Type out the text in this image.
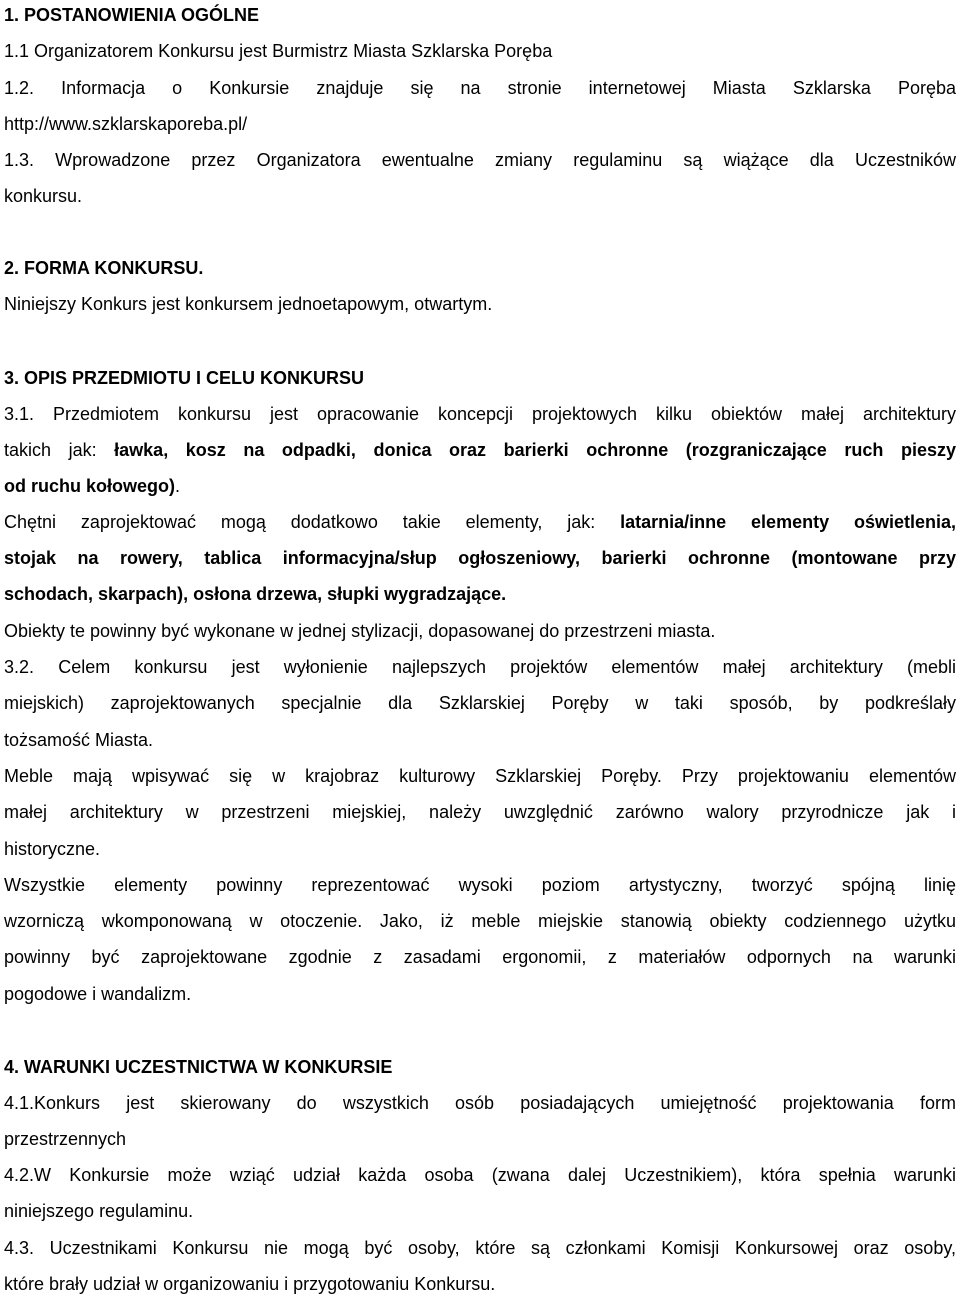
1. POSTANOWIENIA OGÓLNE
1.1 Organizatorem Konkursu jest Burmistrz Miasta Szklarska Poręba
1.2. Informacja o Konkursie znajduje się na stronie internetowej Miasta Szklarska Poręba
http://www.szklarskaporeba.pl/
1.3. Wprowadzone przez Organizatora ewentualne zmiany regulaminu są wiążące dla Uczestników
konkursu.
2. FORMA KONKURSU.
Niniejszy Konkurs jest konkursem jednoetapowym, otwartym.
3. OPIS PRZEDMIOTU I CELU KONKURSU
3.1. Przedmiotem konkursu jest opracowanie koncepcji projektowych kilku obiektów małej architektury
takich jak: ławka, kosz na odpadki, donica oraz barierki ochronne (rozgraniczające ruch pieszy
od ruchu kołowego).
Chętni zaprojektować mogą dodatkowo takie elementy, jak: latarnia/inne elementy oświetlenia,
stojak na rowery, tablica informacyjna/słup ogłoszeniowy, barierki ochronne (montowane przy
schodach, skarpach), osłona drzewa, słupki wygradzające.
Obiekty te powinny być wykonane w jednej stylizacji, dopasowanej do przestrzeni miasta.
3.2. Celem konkursu jest wyłonienie najlepszych projektów elementów małej architektury (mebli
miejskich) zaprojektowanych specjalnie dla Szklarskiej Poręby w taki sposób, by podkreślały
tożsamość Miasta.
Meble mają wpisywać się w krajobraz kulturowy Szklarskiej Poręby. Przy projektowaniu elementów
małej architektury w przestrzeni miejskiej, należy uwzględnić zarówno walory przyrodnicze jak i
historyczne.
Wszystkie elementy powinny reprezentować wysoki poziom artystyczny, tworzyć spójną linię
wzorniczą wkomponowaną w otoczenie. Jako, iż meble miejskie stanowią obiekty codziennego użytku
powinny być zaprojektowane zgodnie z zasadami ergonomii, z materiałów odpornych na warunki
pogodowe i wandalizm.
4. WARUNKI UCZESTNICTWA W KONKURSIE
4.1.Konkurs jest skierowany do wszystkich osób posiadających umiejętność projektowania form
przestrzennych
4.2.W Konkursie może wziąć udział każda osoba (zwana dalej Uczestnikiem), która spełnia warunki
niniejszego regulaminu.
4.3. Uczestnikami Konkursu nie mogą być osoby, które są członkami Komisji Konkursowej oraz osoby,
które brały udział w organizowaniu i przygotowaniu Konkursu.
